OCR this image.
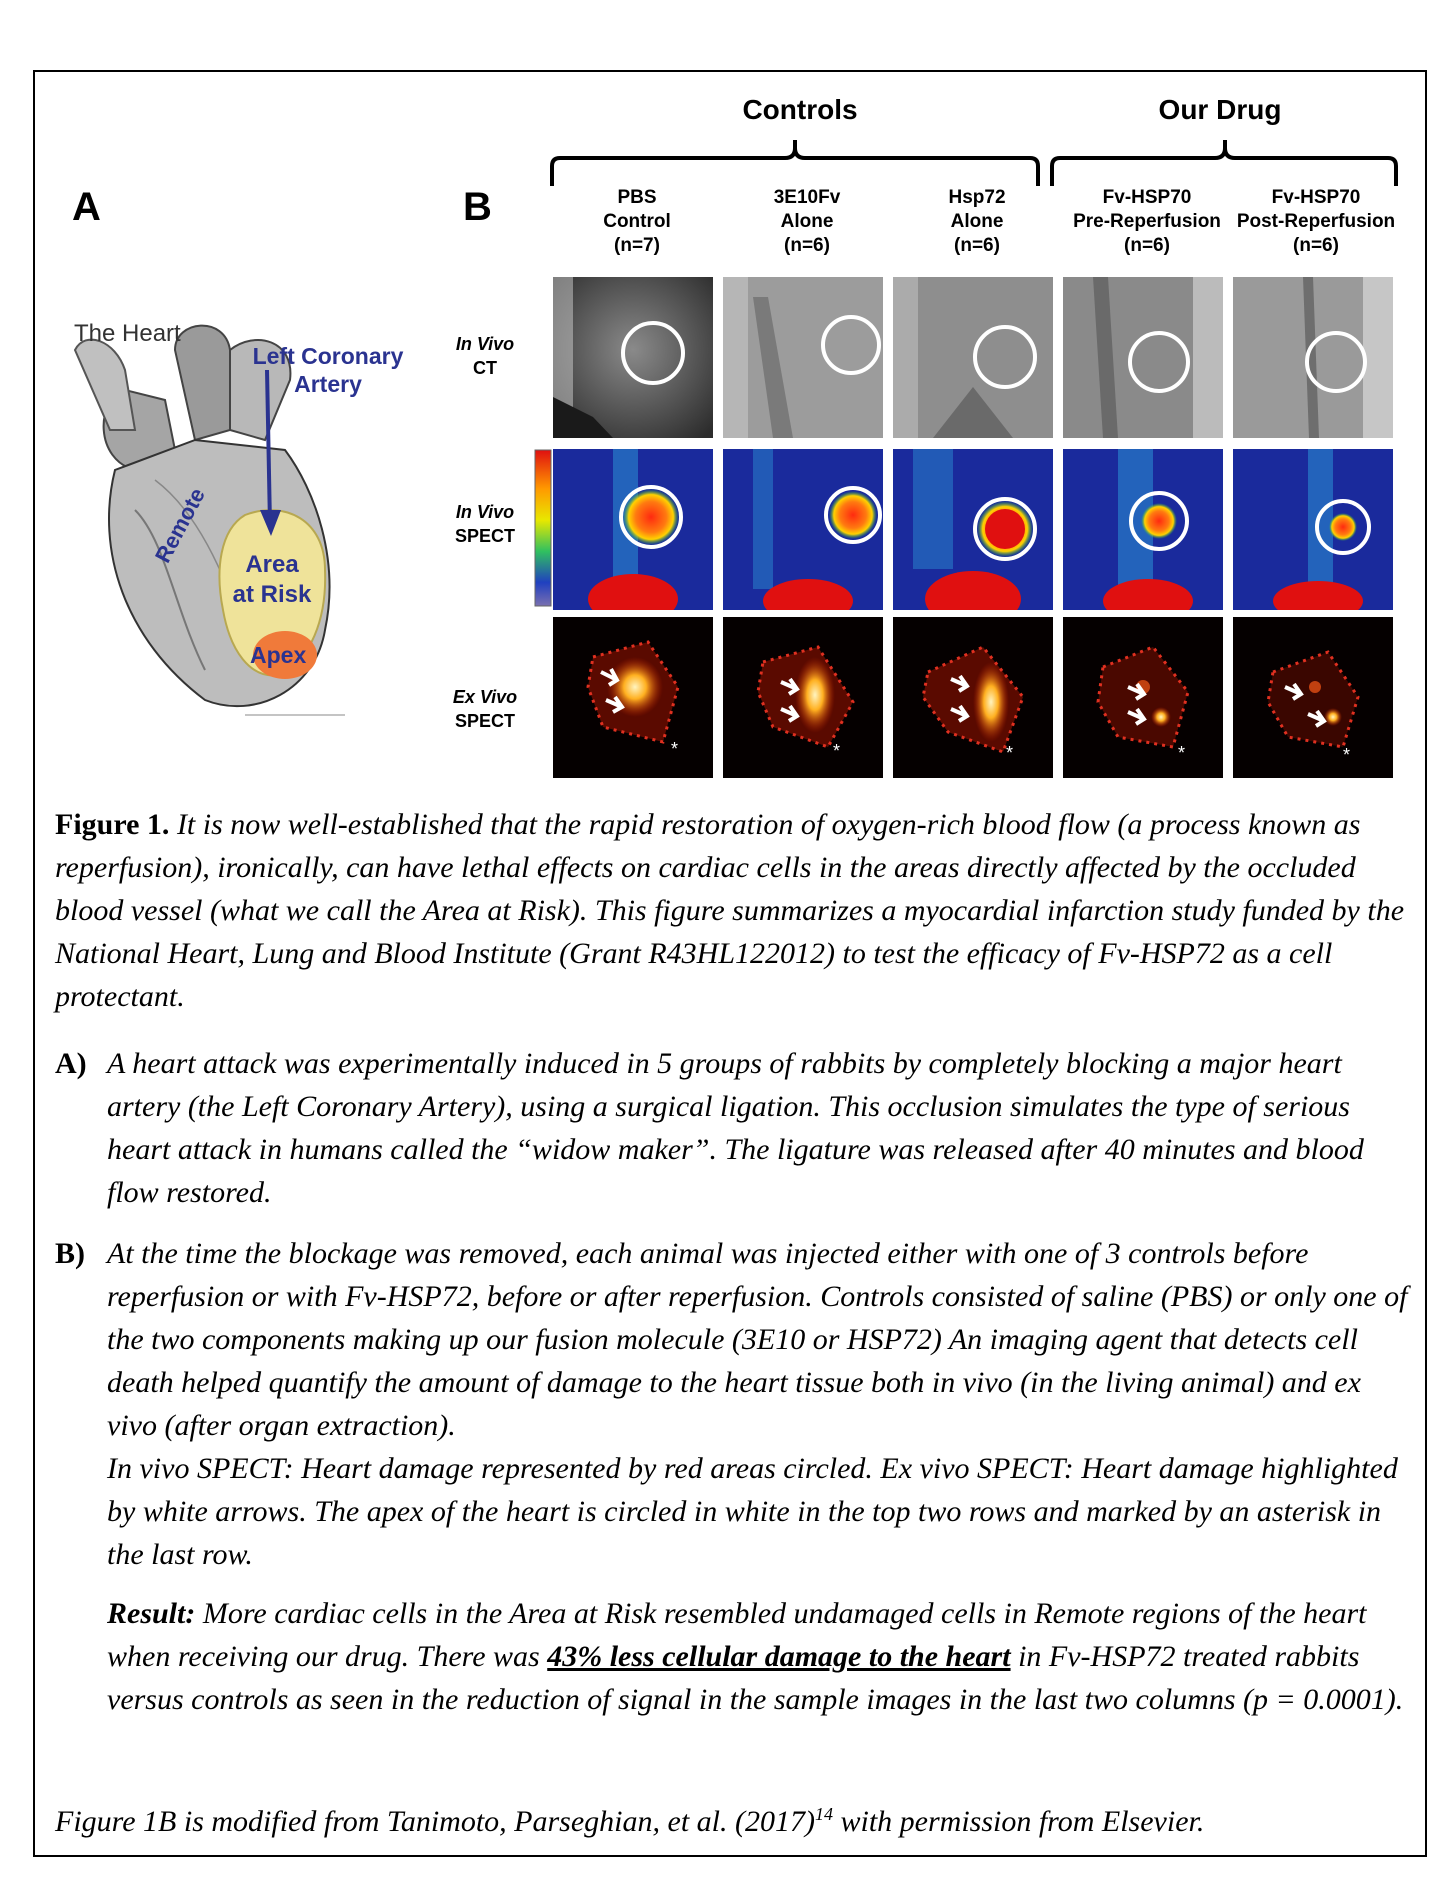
A
The Heart
Left Coronary
Artery
Remote	Area
at Risk
Apex
B
Controls	Our Drug
PBS
Control
(n=7)
3E10Fv
Alone
(n=6)
Hsp72
Alone
(n=6)
Fv-HSP70
Pre-Reperfusion
(n=6)
Fv-HSP70
Post-Reperfusion
(n=6)
In Vivo
CT
In Vivo
SPECT
Ex Vivo
SPECT
*	*	*	*	*
Figure 1. It is now well-established that the rapid restoration of oxygen-rich blood flow (a process known as reperfusion), ironically, can have lethal effects on cardiac cells in the areas directly affected by the occluded blood vessel (what we call the Area at Risk). This figure summarizes a myocardial infarction study funded by the National Heart, Lung and Blood Institute (Grant R43HL122012) to test the efficacy of Fv-HSP72 as a cell protectant.
A) A heart attack was experimentally induced in 5 groups of rabbits by completely blocking a major heart artery (the Left Coronary Artery), using a surgical ligation. This occlusion simulates the type of serious heart attack in humans called the “widow maker”. The ligature was released after 40 minutes and blood flow restored.
B) At the time the blockage was removed, each animal was injected either with one of 3 controls before reperfusion or with Fv-HSP72, before or after reperfusion. Controls consisted of saline (PBS) or only one of the two components making up our fusion molecule (3E10 or HSP72) An imaging agent that detects cell death helped quantify the amount of damage to the heart tissue both in vivo (in the living animal) and ex vivo (after organ extraction).
In vivo SPECT: Heart damage represented by red areas circled. Ex vivo SPECT: Heart damage highlighted by white arrows. The apex of the heart is circled in white in the top two rows and marked by an asterisk in the last row.
Result: More cardiac cells in the Area at Risk resembled undamaged cells in Remote regions of the heart when receiving our drug. There was 43% less cellular damage to the heart in Fv-HSP72 treated rabbits versus controls as seen in the reduction of signal in the sample images in the last two columns (p = 0.0001).
Figure 1B is modified from Tanimoto, Parseghian, et al. $(2017)^{14}$ with permission from Elsevier.
